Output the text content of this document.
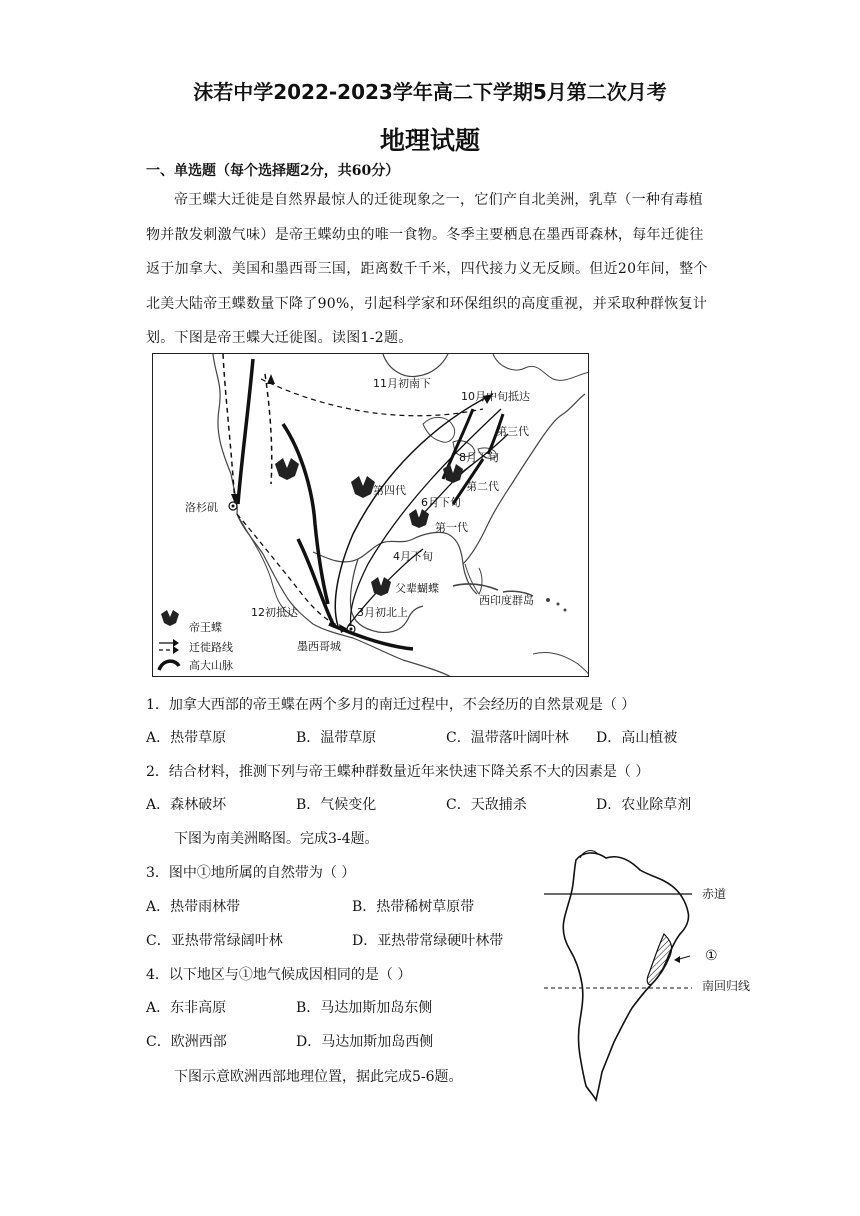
沫若中学2022-2023学年高二下学期5月第二次月考
地理试题
一、单选题（每个选择题2分，共60分）
帝王蝶大迁徙是自然界最惊人的迁徙现象之一，它们产自北美洲，乳草（一种有毒植物并散发刺激气味）是帝王蝶幼虫的唯一食物。冬季主要栖息在墨西哥森林，每年迁徙往返于加拿大、美国和墨西哥三国，距离数千千米，四代接力义无反顾。但近20年间，整个北美大陆帝王蝶数量下降了90%，引起科学家和环保组织的高度重视，并采取种群恢复计划。下图是帝王蝶大迁徙图。读图1-2题。
11月初南下
10月中旬抵达
第三代
8月下旬
第四代	第二代
6月下旬
洛杉矶
第一代
4月下旬
父辈蝴蝶
西印度群岛
12初抵达	3月初北上
墨西哥城
帝王蝶
迁徙路线
高大山脉
1．加拿大西部的帝王蝶在两个多月的南迁过程中，不会经历的自然景观是（ ）
A．热带草原	B．温带草原	C．温带落叶阔叶林 D．高山植被
2．结合材料，推测下列与帝王蝶种群数量近年来快速下降关系不大的因素是（ ）
A．森林破坏	B．气候变化	C．天敌捕杀	D．农业除草剂
下图为南美洲略图。完成3-4题。
3．图中①地所属的自然带为（ ）
A．热带雨林带	B．热带稀树草原带
C．亚热带常绿阔叶林	D．亚热带常绿硬叶林带
4．以下地区与①地气候成因相同的是（ ）
A．东非高原	B．马达加斯加岛东侧
C．欧洲西部	D．马达加斯加岛西侧
下图示意欧洲西部地理位置，据此完成5-6题。
赤道
①
南回归线
